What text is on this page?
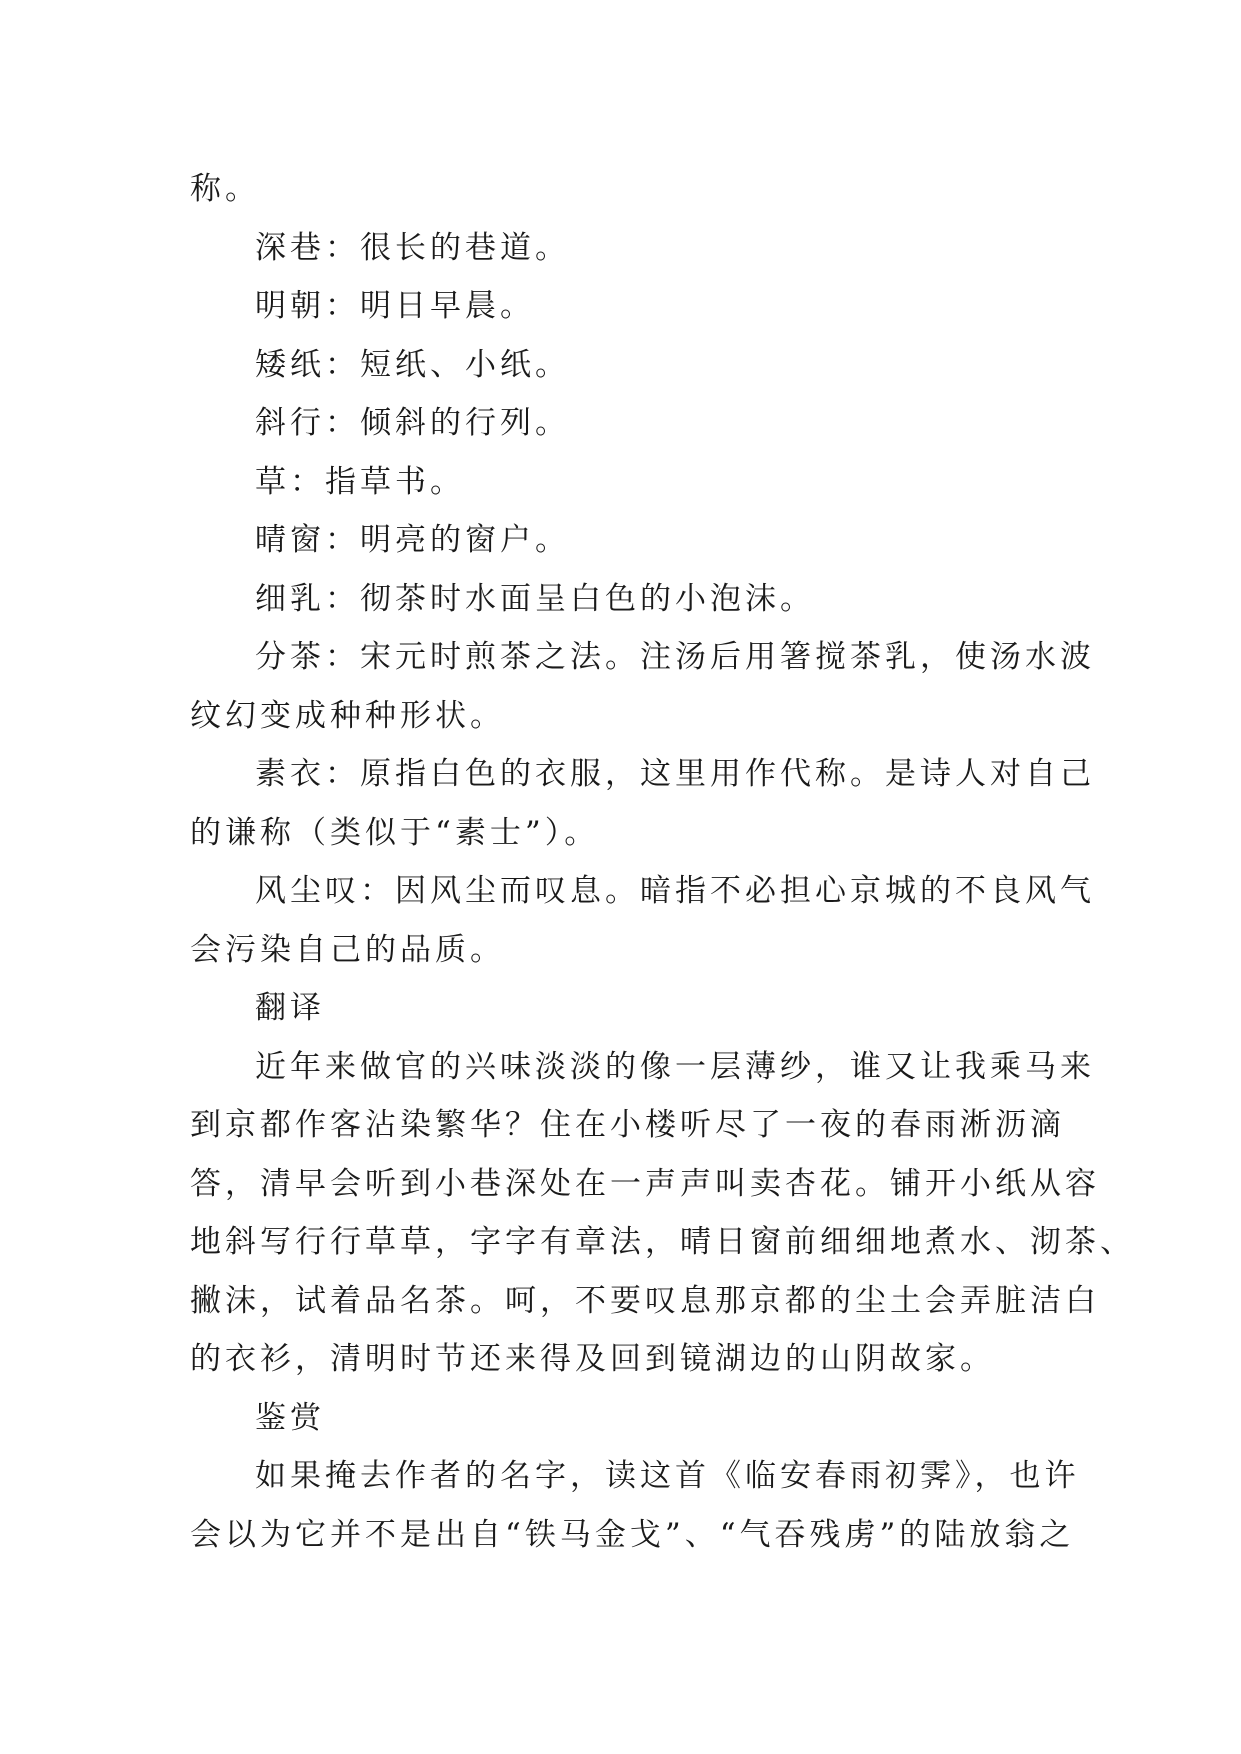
称。

深巷：很长的巷道。

明朝：明日早晨。

矮纸：短纸、小纸。

斜行：倾斜的行列。

草：指草书。

晴窗：明亮的窗户。

细乳：彻茶时水面呈白色的小泡沫。

分茶：宋元时煎茶之法。注汤后用箸搅茶乳，使汤水波

纹幻变成种种形状。

素衣：原指白色的衣服，这里用作代称。是诗人对自己

的谦称（类似于“素士”）。

风尘叹：因风尘而叹息。暗指不必担心京城的不良风气

会污染自己的品质。

翻译

近年来做官的兴味淡淡的像一层薄纱，谁又让我乘马来

到京都作客沾染繁华？住在小楼听尽了一夜的春雨淅沥滴

答，清早会听到小巷深处在一声声叫卖杏花。铺开小纸从容

地斜写行行草草，字字有章法，晴日窗前细细地煮水、沏茶、

撇沫，试着品名茶。呵，不要叹息那京都的尘土会弄脏洁白

的衣衫，清明时节还来得及回到镜湖边的山阴故家。

鉴赏

如果掩去作者的名字，读这首《临安春雨初霁》，也许

会以为它并不是出自“铁马金戈”、“气吞残虏”的陆放翁之
